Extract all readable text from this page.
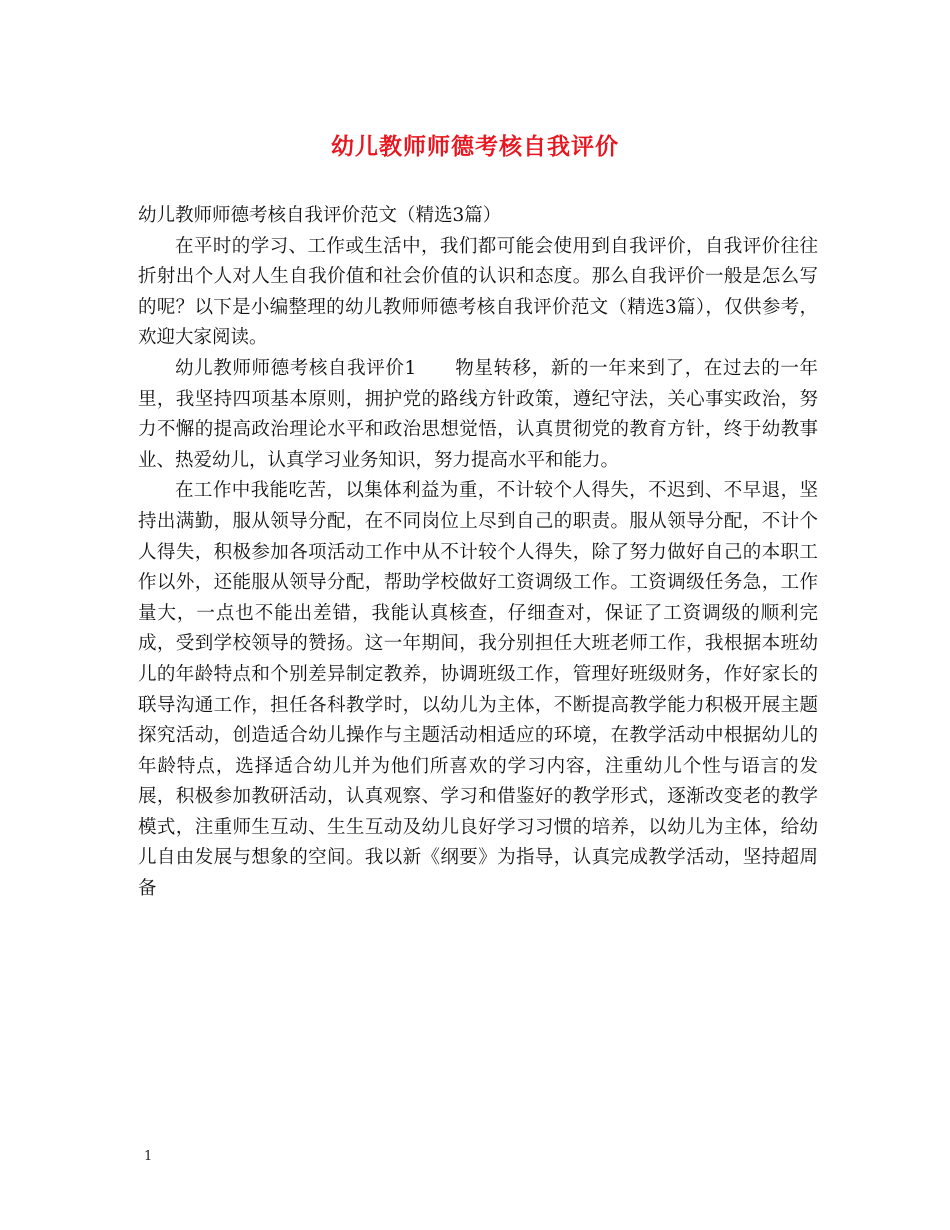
幼儿教师师德考核自我评价

幼儿教师师德考核自我评价范文（精选3篇）

在平时的学习、工作或生活中，我们都可能会使用到自我评价，自我评价往往折射出个人对人生自我价值和社会价值的认识和态度。那么自我评价一般是怎么写的呢？以下是小编整理的幼儿教师师德考核自我评价范文（精选3篇），仅供参考，欢迎大家阅读。

幼儿教师师德考核自我评价1　　物星转移，新的一年来到了，在过去的一年里，我坚持四项基本原则，拥护党的路线方针政策，遵纪守法，关心事实政治，努力不懈的提高政治理论水平和政治思想觉悟，认真贯彻党的教育方针，终于幼教事业、热爱幼儿，认真学习业务知识，努力提高水平和能力。

在工作中我能吃苦，以集体利益为重，不计较个人得失，不迟到、不早退，坚持出满勤，服从领导分配，在不同岗位上尽到自己的职责。服从领导分配，不计个人得失，积极参加各项活动工作中从不计较个人得失，除了努力做好自己的本职工作以外，还能服从领导分配，帮助学校做好工资调级工作。工资调级任务急，工作量大，一点也不能出差错，我能认真核查，仔细查对，保证了工资调级的顺利完成，受到学校领导的赞扬。这一年期间，我分别担任大班老师工作，我根据本班幼儿的年龄特点和个别差异制定教养，协调班级工作，管理好班级财务，作好家长的联导沟通工作，担任各科教学时，以幼儿为主体，不断提高教学能力积极开展主题探究活动，创造适合幼儿操作与主题活动相适应的环境，在教学活动中根据幼儿的年龄特点，选择适合幼儿并为他们所喜欢的学习内容，注重幼儿个性与语言的发展，积极参加教研活动，认真观察、学习和借鉴好的教学形式，逐渐改变老的教学模式，注重师生互动、生生互动及幼儿良好学习习惯的培养，以幼儿为主体，给幼儿自由发展与想象的空间。我以新《纲要》为指导，认真完成教学活动，坚持超周备

1
